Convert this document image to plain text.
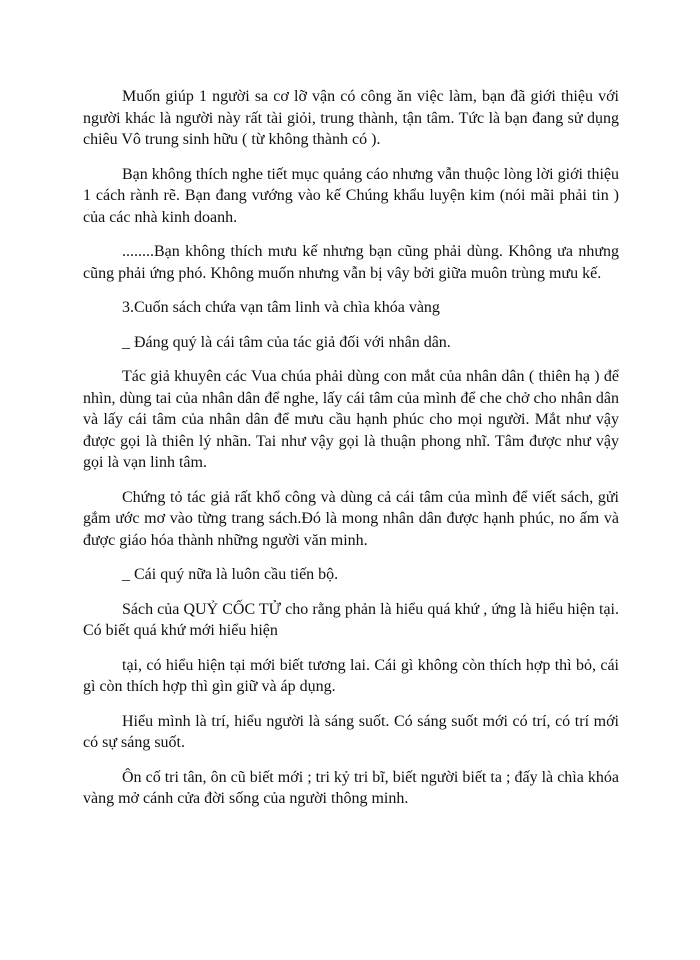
Muốn giúp 1 người sa cơ lỡ vận có công ăn việc làm, bạn đã giới thiệu với người khác là người này rất tài giỏi, trung thành, tận tâm. Tức là bạn đang sử dụng chiêu Vô trung sinh hữu ( từ không thành có ).

Bạn không thích nghe tiết mục quảng cáo nhưng vẫn thuộc lòng lời giới thiệu 1 cách rành rẽ. Bạn đang vướng vào kế Chúng khẩu luyện kim (nói mãi phải tin ) của các nhà kinh doanh.

........Bạn không thích mưu kế nhưng bạn cũng phải dùng. Không ưa nhưng cũng phải ứng phó. Không muốn nhưng vẫn bị vây bởi giữa muôn trùng mưu kế.

3.Cuốn sách chứa vạn tâm linh và chìa khóa vàng

_ Đáng quý là cái tâm của tác giả đối với nhân dân.

Tác giả khuyên các Vua chúa phải dùng con mắt của nhân dân ( thiên hạ ) để nhìn, dùng tai của nhân dân để nghe, lấy cái tâm của mình để che chở cho nhân dân và lấy cái tâm của nhân dân để mưu cầu hạnh phúc cho mọi người. Mắt như vậy được gọi là thiên lý nhãn. Tai như vậy gọi là thuận phong nhĩ. Tâm được như vậy gọi là vạn linh tâm.

Chứng tỏ tác giả rất khổ công và dùng cả cái tâm của mình để viết sách, gửi gắm ước mơ vào từng trang sách.Đó là mong nhân dân được hạnh phúc, no ấm và được giáo hóa thành những người văn minh.

_ Cái quý nữa là luôn cầu tiến bộ.

Sách của QUỶ CỐC TỬ cho rằng phản là hiểu quá khứ , ứng là hiểu hiện tại. Có biết quá khứ mới hiểu hiện

tại, có hiểu hiện tại mới biết tương lai. Cái gì không còn thích hợp thì bỏ, cái gì còn thích hợp thì gìn giữ và áp dụng.

Hiểu mình là trí, hiểu người là sáng suốt. Có sáng suốt mới có trí, có trí mới có sự sáng suốt.

Ôn cố tri tân, ôn cũ biết mới ; tri kỷ tri bĩ, biết người biết ta ; đấy là chìa khóa vàng mở cánh cửa đời sống của người thông minh.
